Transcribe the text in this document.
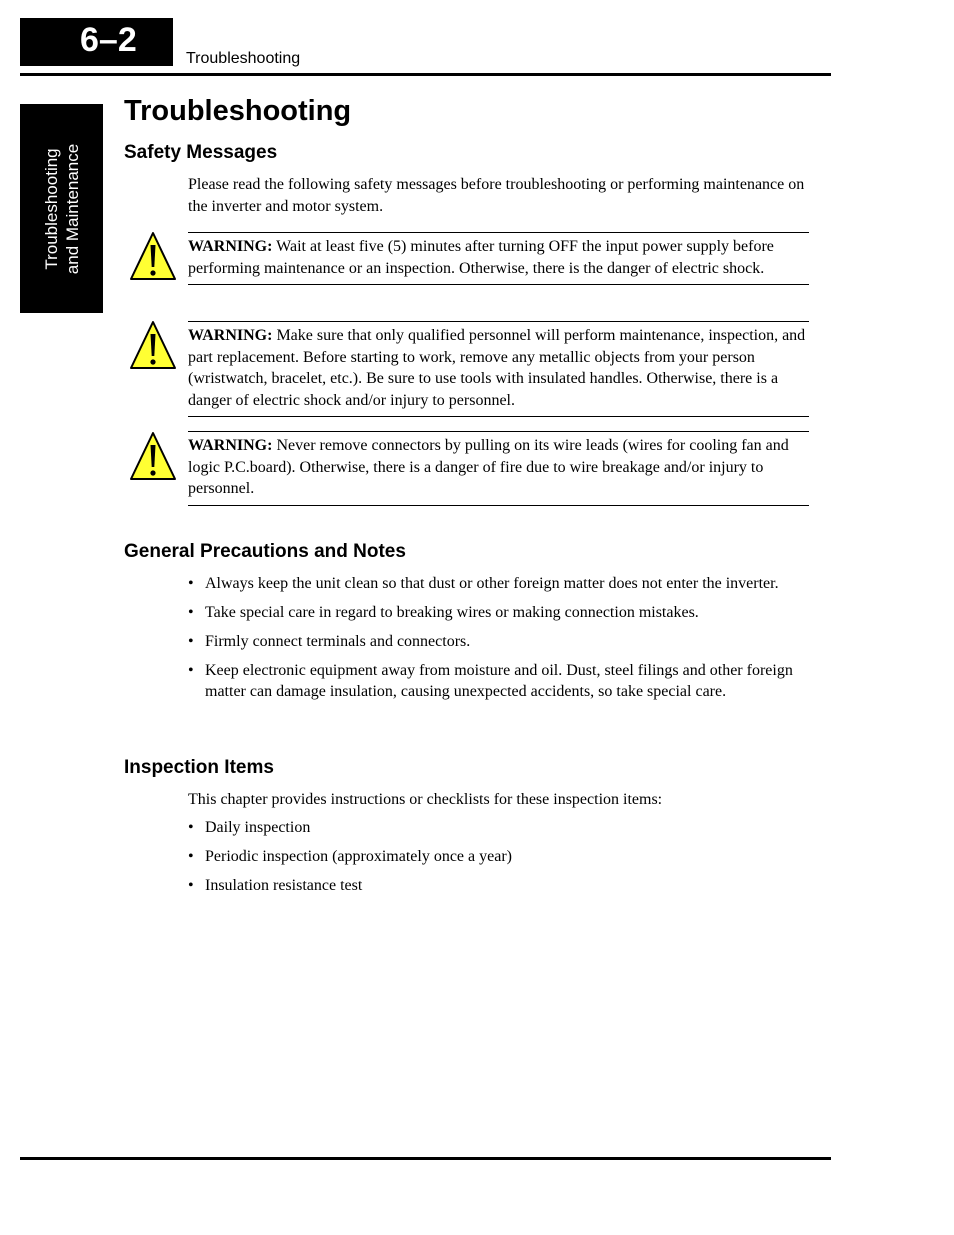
6–2	Troubleshooting
Troubleshooting and Maintenance
Troubleshooting
Safety Messages
Please read the following safety messages before troubleshooting or performing maintenance on the inverter and motor system.
WARNING: Wait at least five (5) minutes after turning OFF the input power supply before performing maintenance or an inspection. Otherwise, there is the danger of electric shock.
WARNING: Make sure that only qualified personnel will perform maintenance, inspection, and part replacement. Before starting to work, remove any metallic objects from your person (wristwatch, bracelet, etc.). Be sure to use tools with insulated handles. Otherwise, there is a danger of electric shock and/or injury to personnel.
WARNING: Never remove connectors by pulling on its wire leads (wires for cooling fan and logic P.C.board). Otherwise, there is a danger of fire due to wire breakage and/or injury to personnel.
General Precautions and Notes
• Always keep the unit clean so that dust or other foreign matter does not enter the inverter.
• Take special care in regard to breaking wires or making connection mistakes.
• Firmly connect terminals and connectors.
• Keep electronic equipment away from moisture and oil. Dust, steel filings and other foreign matter can damage insulation, causing unexpected accidents, so take special care.
Inspection Items
This chapter provides instructions or checklists for these inspection items:
• Daily inspection
• Periodic inspection (approximately once a year)
• Insulation resistance test
